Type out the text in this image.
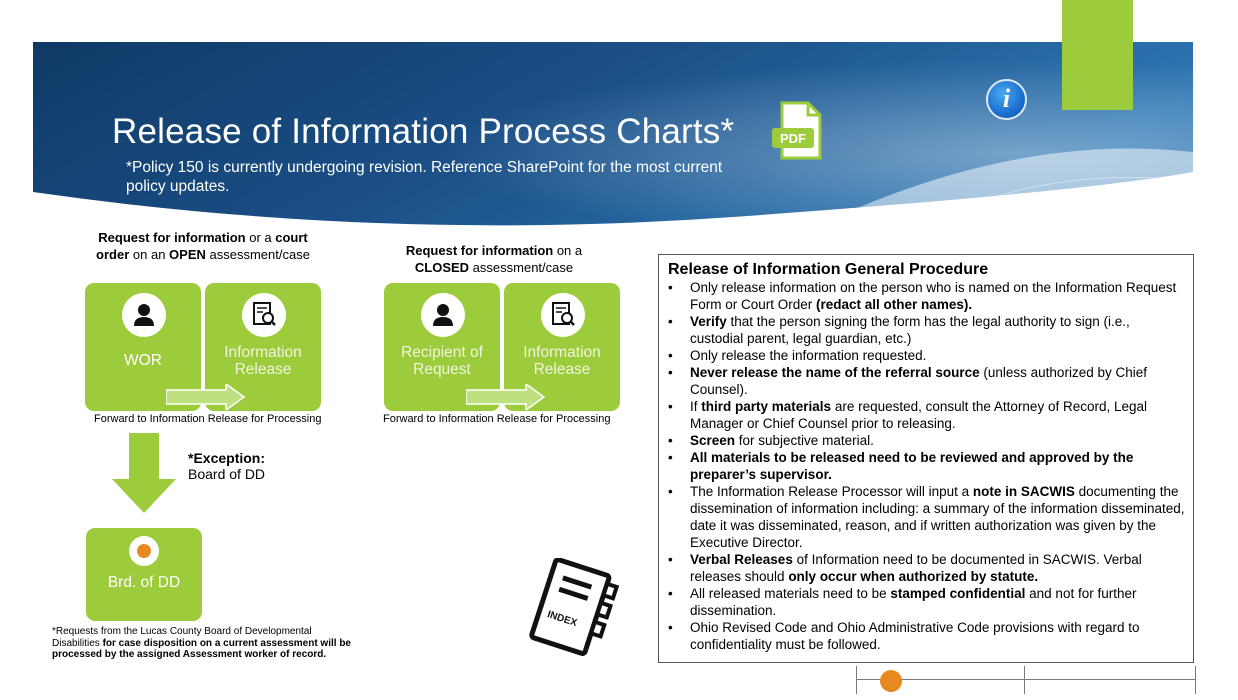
Release of Information Process Charts*
*Policy 150 is currently undergoing revision. Reference SharePoint for the most current policy updates.
i
PDF
Request for information or a court order on an OPEN assessment/case
WOR	Information Release
Forward to Information Release for Processing
Request for information on a CLOSED assessment/case
Recipient of Request
Information Release
Forward to Information Release for Processing
*Exception:
Board of DD
Brd. of DD
*Requests from the Lucas County Board of Developmental Disabilities for case disposition on a current assessment will be processed by the assigned Assessment worker of record.
INDEX
Release of Information General Procedure
• Only release information on the person who is named on the Information Request Form or Court Order (redact all other names).
• Verify that the person signing the form has the legal authority to sign (i.e., custodial parent, legal guardian, etc.)
• Only release the information requested.
• Never release the name of the referral source (unless authorized by Chief Counsel).
• If third party materials are requested, consult the Attorney of Record, Legal Manager or Chief Counsel prior to releasing.
• Screen for subjective material.
• All materials to be released need to be reviewed and approved by the preparer’s supervisor.
• The Information Release Processor will input a note in SACWIS documenting the dissemination of information including: a summary of the information disseminated, date it was disseminated, reason, and if written authorization was given by the Executive Director.
• Verbal Releases of Information need to be documented in SACWIS. Verbal releases should only occur when authorized by statute.
• All released materials need to be stamped confidential and not for further dissemination.
• Ohio Revised Code and Ohio Administrative Code provisions with regard to confidentiality must be followed.
